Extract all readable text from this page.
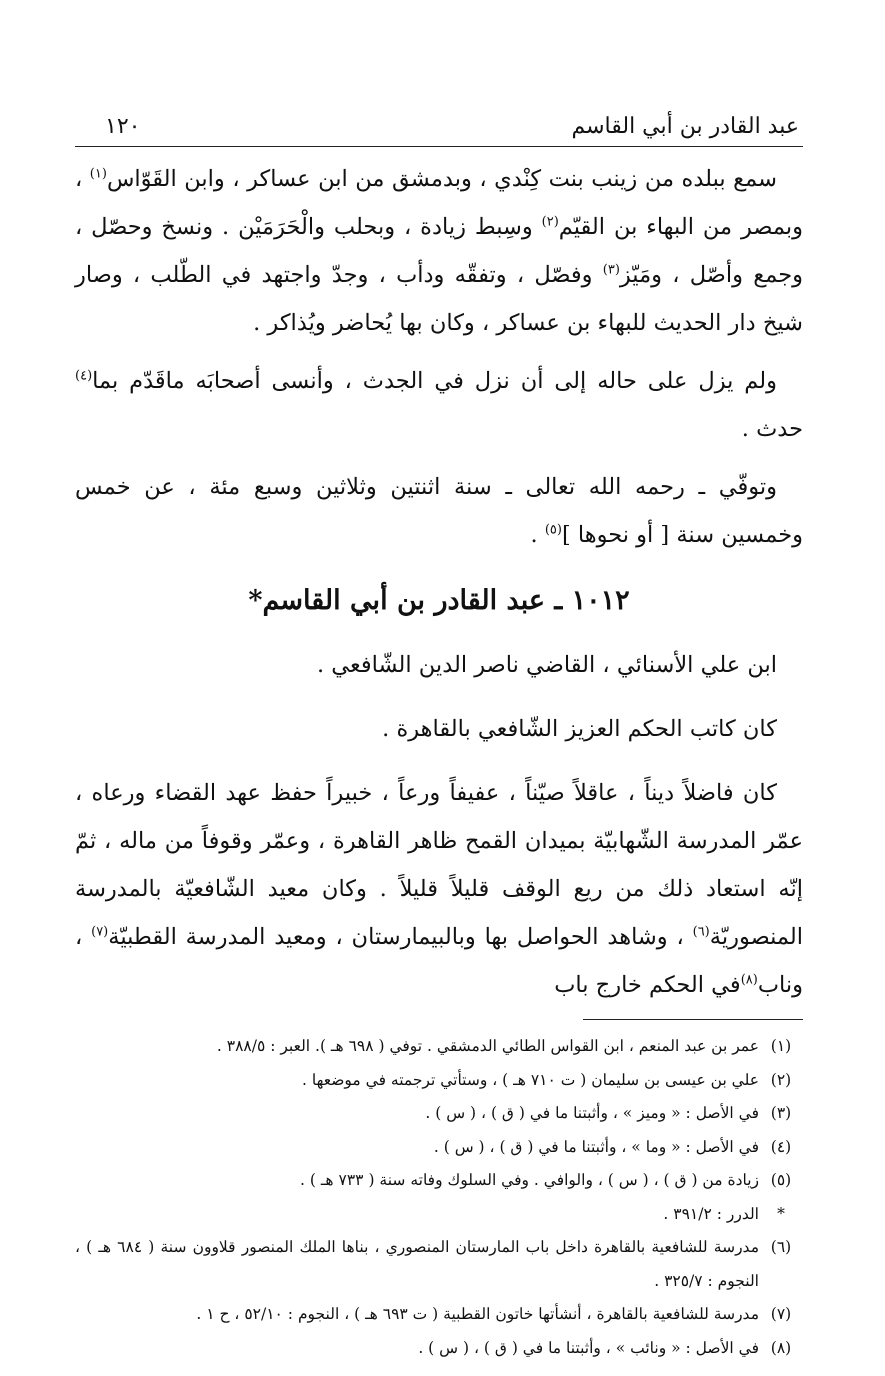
عبد القادر بن أبي القاسم
١٢٠

سمع ببلده من زينب بنت كِنْدي ، وبدمشق من ابن عساكر ، وابن القَوّاس$^{(١)}$ ، وبمصر من البهاء بن القيّم$^{(٢)}$ وسِبط زيادة ، وبحلب والْحَرَمَيْن . ونسخ وحصّل ، وجمع وأصّل ، ومَيّز$^{(٣)}$ وفصّل ، وتفقّه ودأب ، وجدّ واجتهد في الطّلب ، وصار شيخ دار الحديث للبهاء بن عساكر ، وكان بها يُحاضر ويُذاكر .

ولم يزل على حاله إلى أن نزل في الجدث ، وأنسى أصحابَه ماقَدّم بما$^{(٤)}$ حدث .

وتوفّي ـ رحمه الله تعالى ـ سنة اثنتين وثلاثين وسبع مئة ، عن خمس وخمسين سنة [ أو نحوها ]$^{(٥)}$ .

١٠١٢ ـ عبد القادر بن أبي القاسم*

ابن علي الأسنائي ، القاضي ناصر الدين الشّافعي .

كان كاتب الحكم العزيز الشّافعي بالقاهرة .

كان فاضلاً ديناً ، عاقلاً صيّناً ، عفيفاً ورعاً ، خبيراً حفظ عهد القضاء ورعاه ، عمّر المدرسة الشّهابيّة بميدان القمح ظاهر القاهرة ، وعمّر وقوفاً من ماله ، ثمّ إنّه استعاد ذلك من ريع الوقف قليلاً قليلاً . وكان معيد الشّافعيّة بالمدرسة المنصوريّة$^{(٦)}$ ، وشاهد الحواصل بها وبالبيمارستان ، ومعيد المدرسة القطبيّة$^{(٧)}$ ، وناب$^{(٨)}$في الحكم خارج باب

(١)
عمر بن عبد المنعم ، ابن القواس الطائي الدمشقي . توفي ( ٦٩٨ هـ ). العبر : ٣٨٨/٥ .
(٢)
علي بن عيسى بن سليمان ( ت ٧١٠ هـ ) ، وستأتي ترجمته في موضعها .
(٣)
في الأصل : « وميز » ، وأثبتنا ما في ( ق ) ، ( س ) .
(٤)
في الأصل : « وما » ، وأثبتنا ما في ( ق ) ، ( س ) .
(٥)
زيادة من ( ق ) ، ( س ) ، والوافي . وفي السلوك وفاته سنة ( ٧٣٣ هـ ) .
*
الدرر : ٣٩١/٢ .
(٦)
مدرسة للشافعية بالقاهرة داخل باب المارستان المنصوري ، بناها الملك المنصور قلاوون سنة ( ٦٨٤ هـ ) ، النجوم : ٣٢٥/٧ .
(٧)
مدرسة للشافعية بالقاهرة ، أنشأتها خاتون القطبية ( ت ٦٩٣ هـ ) ، النجوم : ٥٢/١٠ ، ح ١ .
(٨)
في الأصل : « ونائب » ، وأثبتنا ما في ( ق ) ، ( س ) .
